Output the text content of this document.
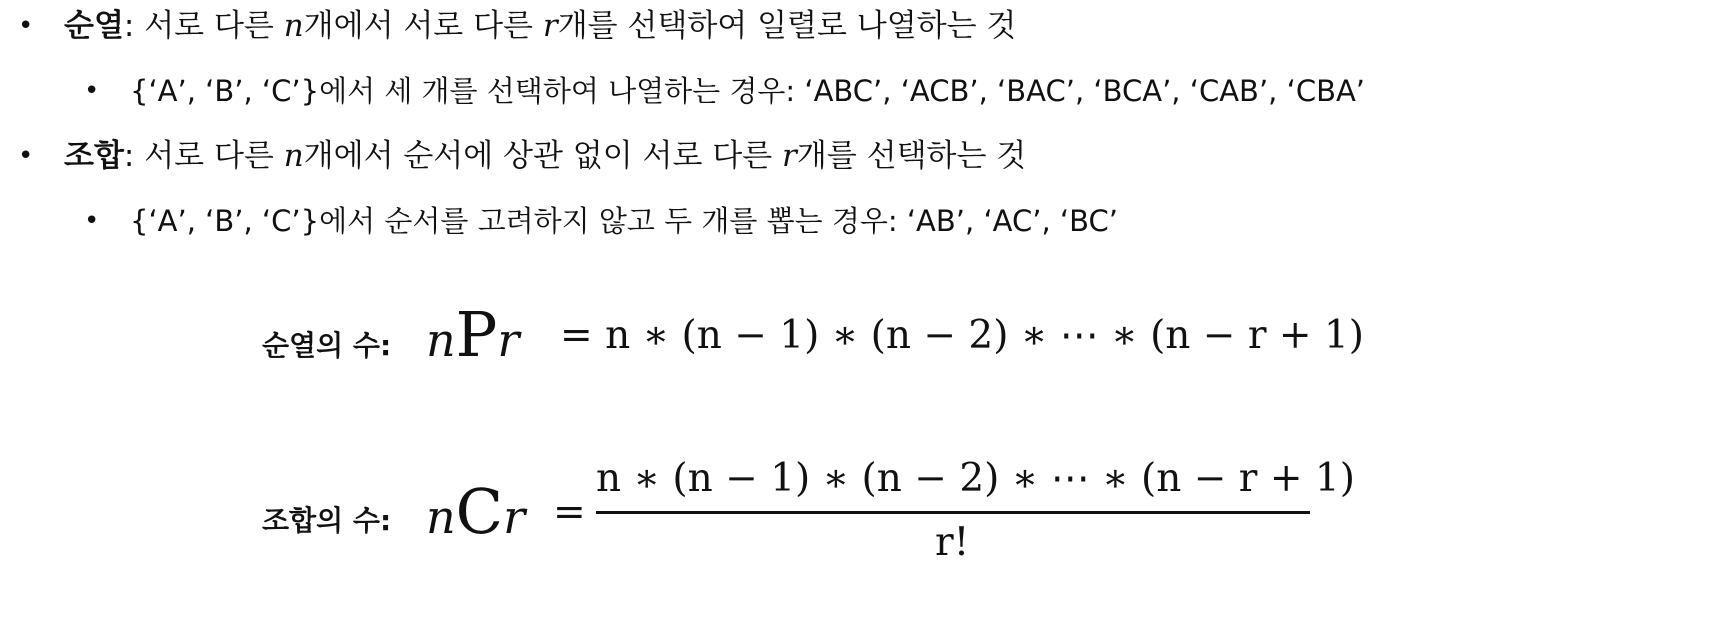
• 순열: 서로 다른 n개에서 서로 다른 r개를 선택하여 일렬로 나열하는 것
• {‘A’, ‘B’, ‘C’}에서 세 개를 선택하여 나열하는 경우: ‘ABC’, ‘ACB’, ‘BAC’, ‘BCA’, ‘CAB’, ‘CBA’
• 조합: 서로 다른 n개에서 순서에 상관 없이 서로 다른 r개를 선택하는 것
• {‘A’, ‘B’, ‘C’}에서 순서를 고려하지 않고 두 개를 뽑는 경우: ‘AB’, ‘AC’, ‘BC’
순열의 수: nPr = n ∗ (n − 1) ∗ (n − 2) ∗ ⋯ ∗ (n − r + 1)
조합의 수: nCr =
n ∗ (n − 1) ∗ (n − 2) ∗ ⋯ ∗ (n − r + 1)
r!
